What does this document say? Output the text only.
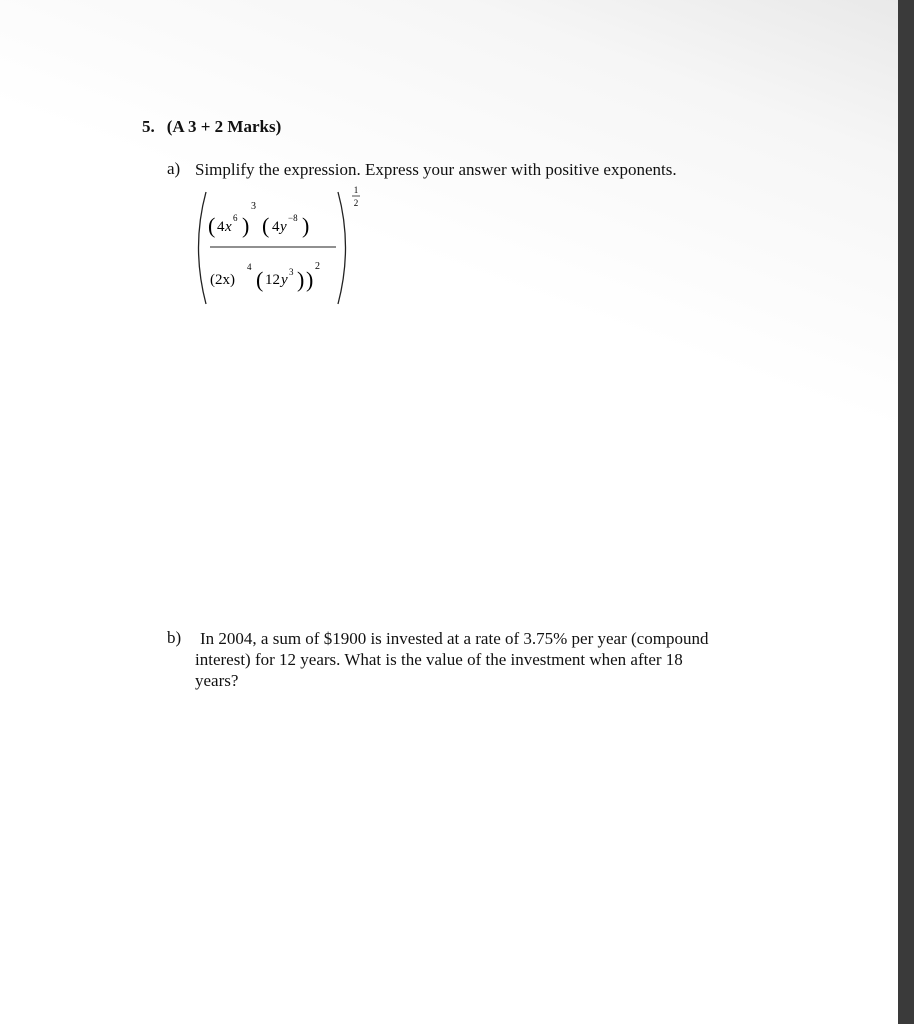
5. (A 3 + 2 Marks)
a) Simplify the expression. Express your answer with positive exponents.
1
2
( 4 x
6 )
3
( 4 y
−8 )
(2x)
4 ( 12 y 3 ) )
2
b) In 2004, a sum of $1900 is invested at a rate of 3.75% per year (compound
interest) for 12 years. What is the value of the investment when after 18
years?
